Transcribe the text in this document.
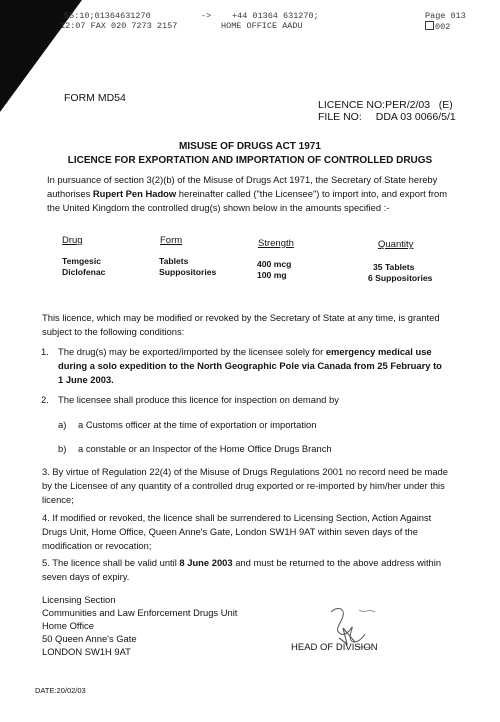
55:10;01364631270	-> +44 01364 631270;	Page 013
12:07 FAX 020 7273 2157	HOME OFFICE AADU	002
FORM MD54
LICENCE NO:PER/2/03   (E)
FILE NO: DDA 03 0066/5/1
MISUSE OF DRUGS ACT 1971
LICENCE FOR EXPORTATION AND IMPORTATION OF CONTROLLED DRUGS
In pursuance of section 3(2)(b) of the Misuse of Drugs Act 1971, the Secretary of State hereby authorises Rupert Pen Hadow hereinafter called ("the Licensee") to import into, and export from the United Kingdom the controlled drug(s) shown below in the amounts specified :-
Drug	Form	Strength	Quantity
Temgesic	Tablets	400 mcg	35 Tablets
Diclofenac	Suppositories	100 mg	6 Suppositories
This licence, which may be modified or revoked by the Secretary of State at any time, is granted subject to the following conditions:
1. The drug(s) may be exported/imported by the licensee solely for emergency medical use during a solo expedition to the North Geographic Pole via Canada from 25 February to 1 June 2003.
2. The licensee shall produce this licence for inspection on demand by
a)	a Customs officer at the time of exportation or importation
b)	a constable or an Inspector of the Home Office Drugs Branch
3. By virtue of Regulation 22(4) of the Misuse of Drugs Regulations 2001 no record need be made by the Licensee of any quantity of a controlled drug exported or re-imported by him/her under this licence;
4. If modified or revoked, the licence shall be surrendered to Licensing Section, Action Against Drugs Unit, Home Office, Queen Anne's Gate, London SW1H 9AT within seven days of the modification or revocation;
5. The licence shall be valid until 8 June 2003 and must be returned to the above address within seven days of expiry.
Licensing Section
Communities and Law Enforcement Drugs Unit
Home Office
50 Queen Anne's Gate
LONDON SW1H 9AT	HEAD OF DIVISION
DATE:20/02/03
